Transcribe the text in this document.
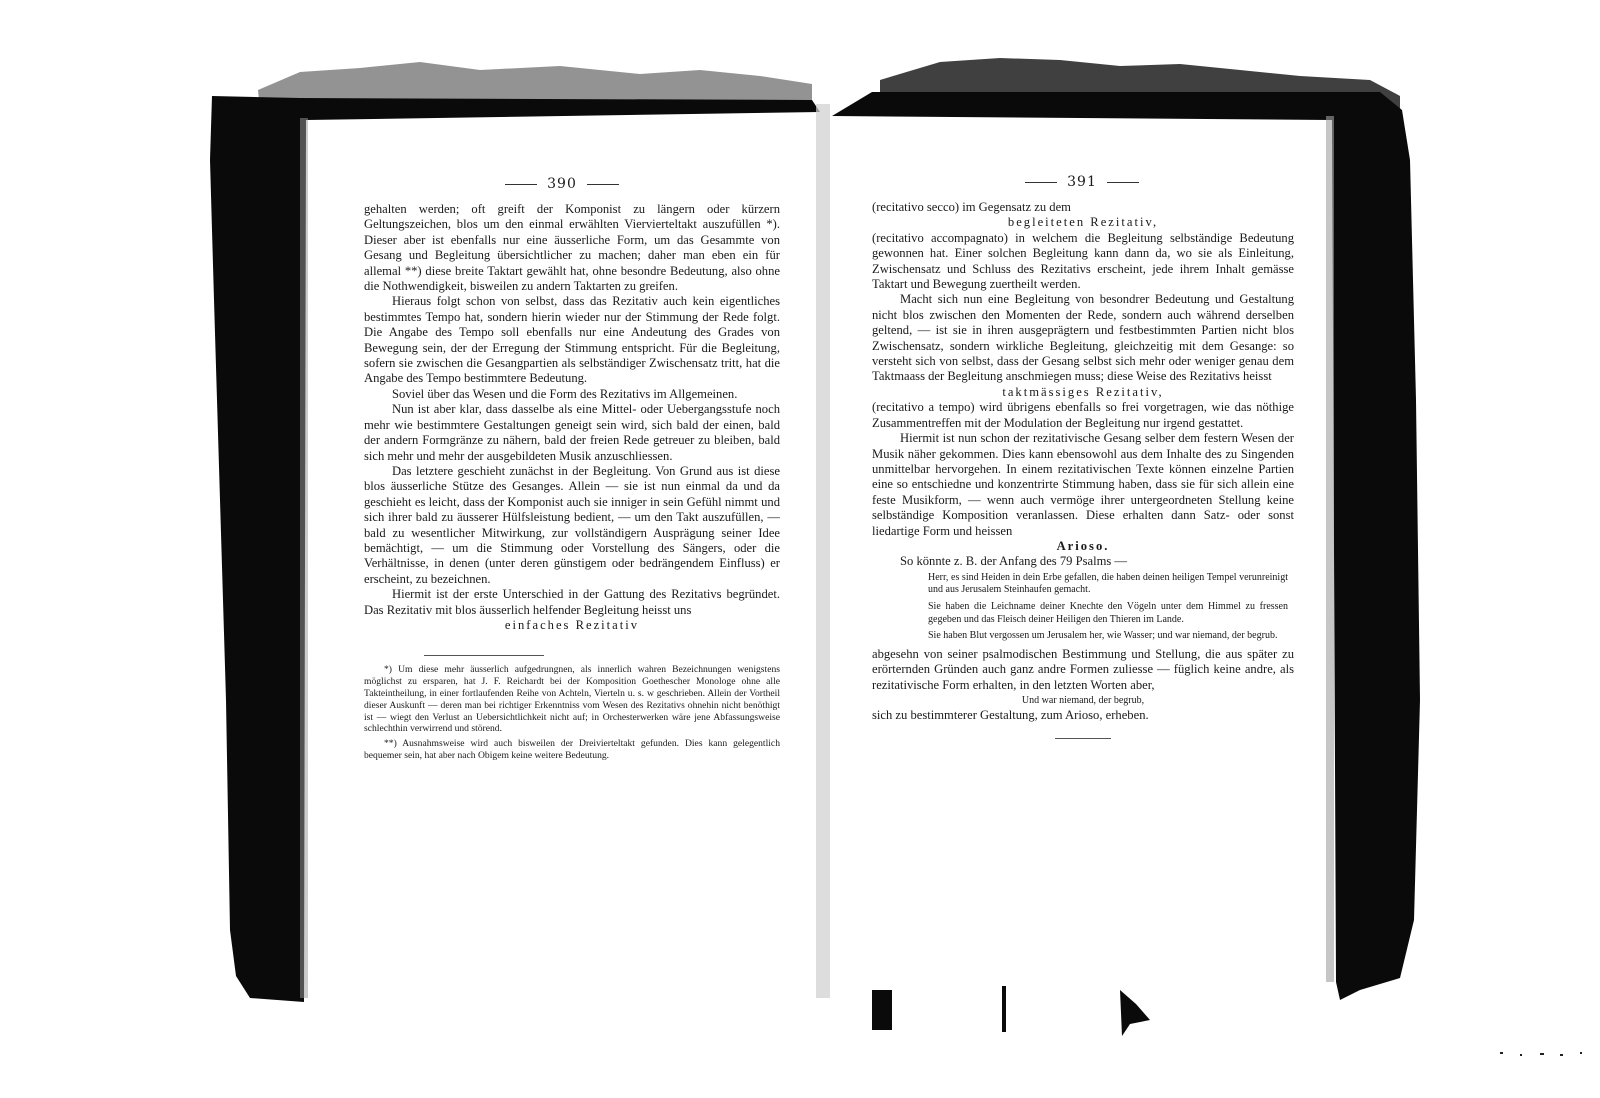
390

gehalten werden; oft greift der Komponist zu längern oder kürzern Geltungszeichen, blos um den einmal erwählten Viervierteltakt auszufüllen *). Dieser aber ist ebenfalls nur eine äusserliche Form, um das Gesammte von Gesang und Begleitung übersichtlicher zu machen; daher man eben ein für allemal **) diese breite Taktart gewählt hat, ohne besondre Bedeutung, also ohne die Nothwendigkeit, bisweilen zu andern Taktarten zu greifen.

Hieraus folgt schon von selbst, dass das Rezitativ auch kein eigentliches bestimmtes Tempo hat, sondern hierin wieder nur der Stimmung der Rede folgt. Die Angabe des Tempo soll ebenfalls nur eine Andeutung des Grades von Bewegung sein, der der Erregung der Stimmung entspricht. Für die Begleitung, sofern sie zwischen die Gesangpartien als selbständiger Zwischensatz tritt, hat die Angabe des Tempo bestimmtere Bedeutung.

Soviel über das Wesen und die Form des Rezitativs im Allgemeinen.

Nun ist aber klar, dass dasselbe als eine Mittel- oder Uebergangsstufe noch mehr wie bestimmtere Gestaltungen geneigt sein wird, sich bald der einen, bald der andern Formgränze zu nähern, bald der freien Rede getreuer zu bleiben, bald sich mehr und mehr der ausgebildeten Musik anzuschliessen.

Das letztere geschieht zunächst in der Begleitung. Von Grund aus ist diese blos äusserliche Stütze des Gesanges. Allein — sie ist nun einmal da und da geschieht es leicht, dass der Komponist auch sie inniger in sein Gefühl nimmt und sich ihrer bald zu äusserer Hülfsleistung bedient, — um den Takt auszufüllen, — bald zu wesentlicher Mitwirkung, zur vollständigern Ausprägung seiner Idee bemächtigt, — um die Stimmung oder Vorstellung des Sängers, oder die Verhältnisse, in denen (unter deren günstigem oder bedrängendem Einfluss) er erscheint, zu bezeichnen.

Hiermit ist der erste Unterschied in der Gattung des Rezitativs begründet. Das Rezitativ mit blos äusserlich helfender Begleitung heisst uns

einfaches Rezitativ

*) Um diese mehr äusserlich aufgedrungnen, als innerlich wahren Bezeichnungen wenigstens möglichst zu ersparen, hat J. F. Reichardt bei der Komposition Goethescher Monologe ohne alle Takteintheilung, in einer fortlaufenden Reihe von Achteln, Vierteln u. s. w geschrieben. Allein der Vortheil dieser Auskunft — deren man bei richtiger Erkenntniss vom Wesen des Rezitativs ohnehin nicht benöthigt ist — wiegt den Verlust an Uebersichtlichkeit nicht auf; in Orchesterwerken wäre jene Abfassungsweise schlechthin verwirrend und störend.

**) Ausnahmsweise wird auch bisweilen der Dreivierteltakt gefunden. Dies kann gelegentlich bequemer sein, hat aber nach Obigem keine weitere Bedeutung.

391

(recitativo secco) im Gegensatz zu dem

begleiteten Rezitativ,

(recitativo accompagnato) in welchem die Begleitung selbständige Bedeutung gewonnen hat. Einer solchen Begleitung kann dann da, wo sie als Einleitung, Zwischensatz und Schluss des Rezitativs erscheint, jede ihrem Inhalt gemässe Taktart und Bewegung zuertheilt werden.

Macht sich nun eine Begleitung von besondrer Bedeutung und Gestaltung nicht blos zwischen den Momenten der Rede, sondern auch während derselben geltend, — ist sie in ihren ausgeprägtern und festbestimmten Partien nicht blos Zwischensatz, sondern wirkliche Begleitung, gleichzeitig mit dem Gesange: so versteht sich von selbst, dass der Gesang selbst sich mehr oder weniger genau dem Taktmaass der Begleitung anschmiegen muss; diese Weise des Rezitativs heisst

taktmässiges Rezitativ,

(recitativo a tempo) wird übrigens ebenfalls so frei vorgetragen, wie das nöthige Zusammentreffen mit der Modulation der Begleitung nur irgend gestattet.

Hiermit ist nun schon der rezitativische Gesang selber dem festern Wesen der Musik näher gekommen. Dies kann ebensowohl aus dem Inhalte des zu Singenden unmittelbar hervorgehen. In einem rezitativischen Texte können einzelne Partien eine so entschiedne und konzentrirte Stimmung haben, dass sie für sich allein eine feste Musikform, — wenn auch vermöge ihrer untergeordneten Stellung keine selbständige Komposition veranlassen. Diese erhalten dann Satz- oder sonst liedartige Form und heissen

Arioso.

So könnte z. B. der Anfang des 79 Psalms —

Herr, es sind Heiden in dein Erbe gefallen, die haben deinen heiligen Tempel verunreinigt und aus Jerusalem Steinhaufen gemacht.

Sie haben die Leichname deiner Knechte den Vögeln unter dem Himmel zu fressen gegeben und das Fleisch deiner Heiligen den Thieren im Lande.

Sie haben Blut vergossen um Jerusalem her, wie Wasser; und war niemand, der begrub.

abgesehn von seiner psalmodischen Bestimmung und Stellung, die aus später zu erörternden Gründen auch ganz andre Formen zuliesse — füglich keine andre, als rezitativische Form erhalten, in den letzten Worten aber,

Und war niemand, der begrub,

sich zu bestimmterer Gestaltung, zum Arioso, erheben.
